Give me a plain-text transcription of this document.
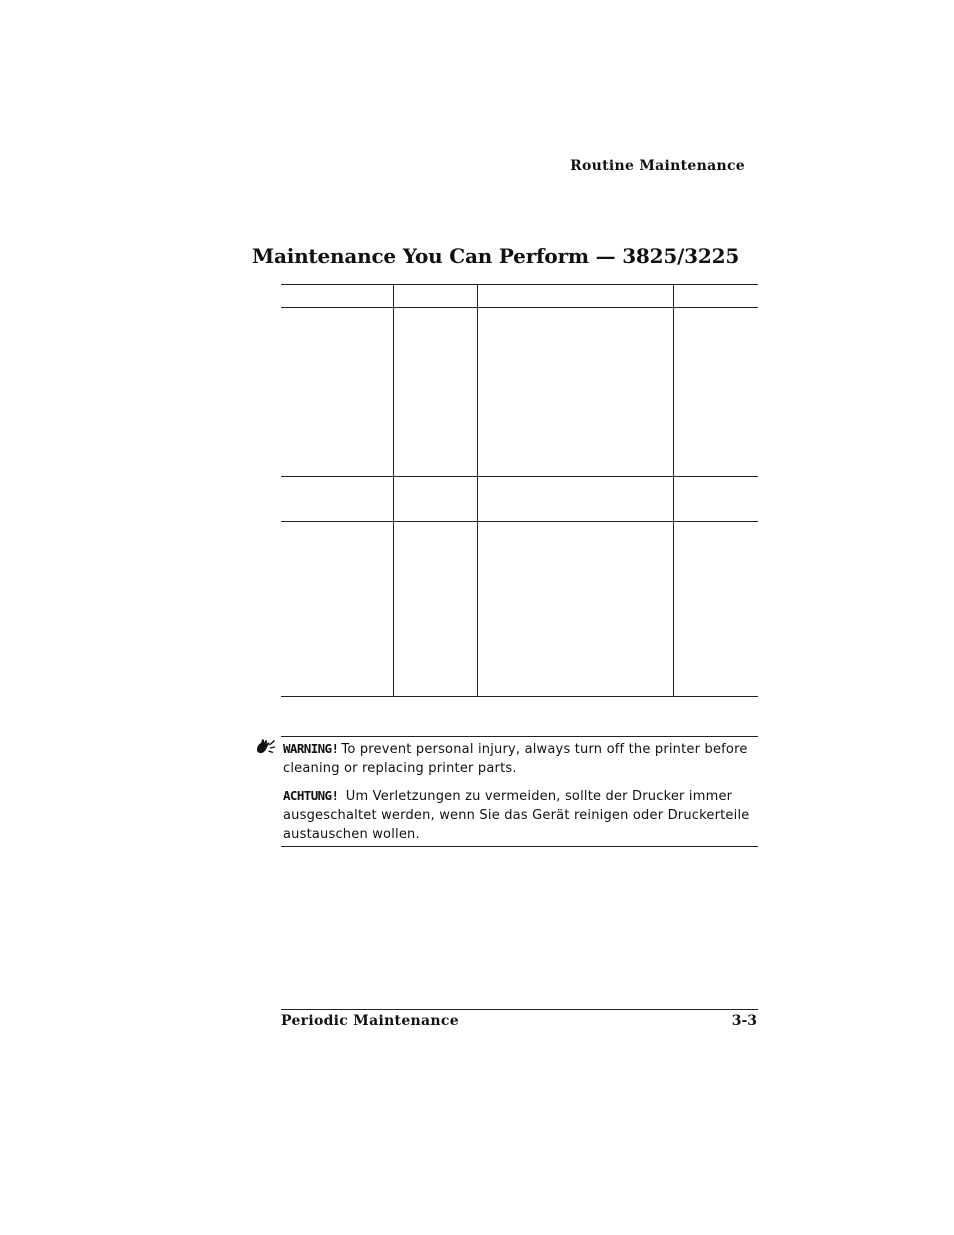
Routine Maintenance
Maintenance You Can Perform — 3825/3225

WARNING! To prevent personal injury, always turn off the printer before cleaning or replacing printer parts.

ACHTUNG! Um Verletzungen zu vermeiden, sollte der Drucker immer ausgeschaltet werden, wenn Sie das Gerät reinigen oder Druckerteile austauschen wollen.

Periodic Maintenance	3-3
